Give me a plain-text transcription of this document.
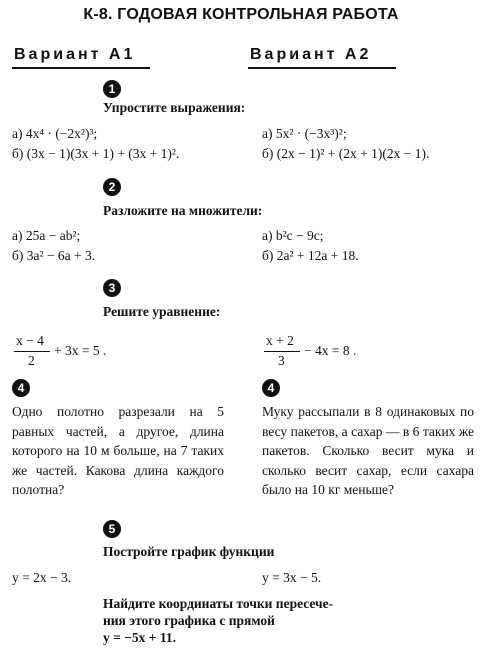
К-8. ГОДОВАЯ КОНТРОЛЬНАЯ РАБОТА
Вариант А1	Вариант А2
1
Упростите выражения:
а) 4x⁴ · (−2x²)³;
б) (3x − 1)(3x + 1) + (3x + 1)².
а) 5x² · (−3x³)²;
б) (2x − 1)² + (2x + 1)(2x − 1).
2
Разложите на множители:
а) 25a − ab²;
б) 3a² − 6a + 3.
а) b²c − 9c;
б) 2a² + 12a + 18.
3
Решите уравнение:
x − 4
2
+ 3x = 5 .
x + 2
3
− 4x = 8 .
4	4
Одно полотно разрезали на 5 равных частей, а другое, длина которого на 10 м больше, на 7 таких же частей. Какова длина каждого полотна?
Муку рассыпали в 8 одинаковых по весу пакетов, а сахар — в 6 таких же пакетов. Сколько весит мука и сколько весит сахар, если сахара было на 10 кг меньше?
5
Постройте график функции
y = 2x − 3.	y = 3x − 5.
Найдите координаты точки пересече-
ния этого графика с прямой
y = −5x + 11.
